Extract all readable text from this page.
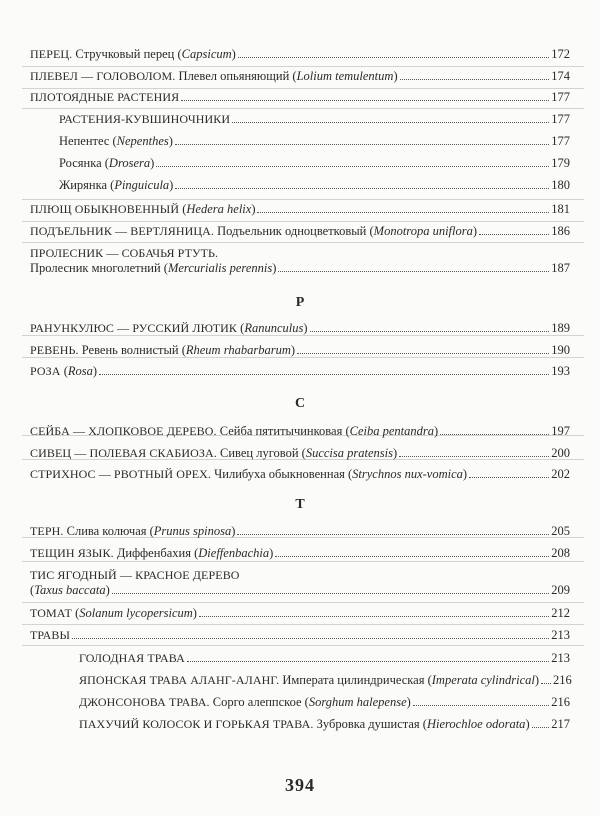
Р
С
Т
ПЕРЕЦ. Стручковый перец (Capsicum)	172
ПЛЕВЕЛ — ГОЛОВОЛОМ. Плевел опьяняющий (Lolium temulentum)	174
ПЛОТОЯДНЫЕ РАСТЕНИЯ	177
РАСТЕНИЯ-КУВШИНОЧНИКИ	177
Непентес (Nepenthes)	177
Росянка (Drosera)	179
Жирянка (Pinguicula)	180
ПЛЮЩ ОБЫКНОВЕННЫЙ (Hedera helix)	181
ПОДЪЕЛЬНИК — ВЕРТЛЯНИЦА. Подъельник одноцветковый (Monotropa uniflora)	186
ПРОЛЕСНИК — СОБАЧЬЯ РТУТЬ.
Пролесник многолетний (Mercurialis perennis)	187
РАНУНКУЛЮС — РУССКИЙ ЛЮТИК (Ranunculus)	189
РЕВЕНЬ. Ревень волнистый (Rheum rhabarbarum)	190
РОЗА (Rosa)	193
СЕЙБА — ХЛОПКОВОЕ ДЕРЕВО. Сейба пятитычинковая (Ceiba pentandra)	197
СИВЕЦ — ПОЛЕВАЯ СКАБИОЗА. Сивец луговой (Succisa pratensis)	200
СТРИХНОС — РВОТНЫЙ ОРЕХ. Чилибуха обыкновенная (Strychnos nux-vomica)	202
ТЕРН. Слива колючая (Prunus spinosa)	205
ТЕЩИН ЯЗЫК. Диффенбахия (Dieffenbachia)	208
ТИС ЯГОДНЫЙ — КРАСНОЕ ДЕРЕВО
(Taxus baccata)	209
ТОМАТ (Solanum lycopersicum)	212
ТРАВЫ	213
ГОЛОДНАЯ ТРАВА	213
ЯПОНСКАЯ ТРАВА АЛАНГ-АЛАНГ. Императа цилиндрическая (Imperata cylindrical) 216
ДЖОНСОНОВА ТРАВА. Сорго алеппское (Sorghum halepense)	216
ПАХУЧИЙ КОЛОСОК И ГОРЬКАЯ ТРАВА. Зубровка душистая (Hierochloe odorata) 217
394
